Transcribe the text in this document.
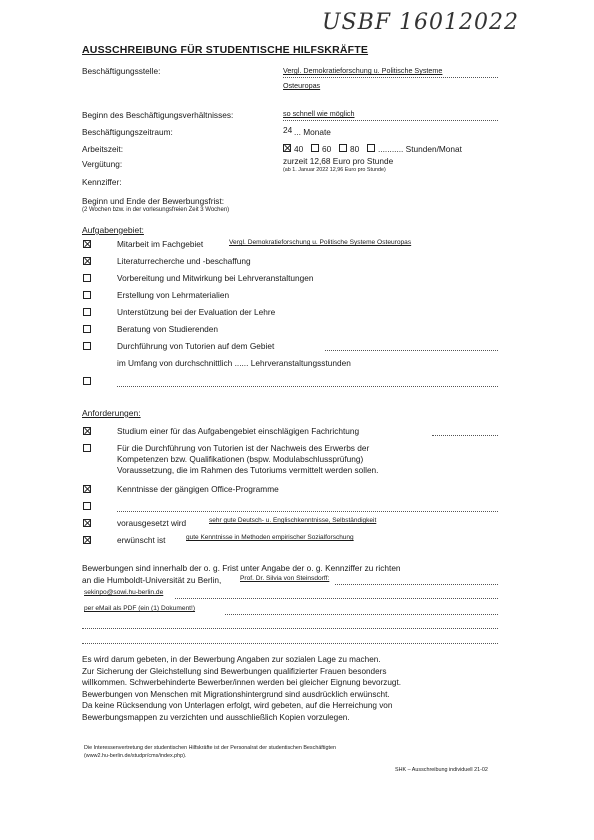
USBF 16012022
AUSSCHREIBUNG FÜR STUDENTISCHE HILFSKRÄFTE
Beschäftigungsstelle:	Vergl. Demokratieforschung u. Politische Systeme
Osteuropas
Beginn des Beschäftigungsverhältnisses:	so schnell wie möglich
Beschäftigungszeitraum:	24 ... Monate
Arbeitszeit:	40 60 80 ........... Stunden/Monat
Vergütung:	zurzeit 12,68 Euro pro Stunde
(ab 1. Januar 2022 12,96 Euro pro Stunde)
Kennziffer:
Beginn und Ende der Bewerbungsfrist:
(2 Wochen bzw. in der vorlesungsfreien Zeit 3 Wochen)
Aufgabengebiet:
Mitarbeit im Fachgebiet	Vergl. Demokratieforschung u. Politische Systeme Osteuropas
Literaturrecherche und -beschaffung
Vorbereitung und Mitwirkung bei Lehrveranstaltungen
Erstellung von Lehrmaterialien
Unterstützung bei der Evaluation der Lehre
Beratung von Studierenden
Durchführung von Tutorien auf dem Gebiet
im Umfang von durchschnittlich ...... Lehrveranstaltungsstunden
Anforderungen:
Studium einer für das Aufgabengebiet einschlägigen Fachrichtung
Für die Durchführung von Tutorien ist der Nachweis des Erwerbs der
Kompetenzen bzw. Qualifikationen (bspw. Modulabschlussprüfung)
Voraussetzung, die im Rahmen des Tutoriums vermittelt werden sollen.
Kenntnisse der gängigen Office-Programme
vorausgesetzt wird	sehr gute Deutsch- u. Englischkenntnisse, Selbständigkeit
erwünscht ist	gute Kenntnisse in Methoden empirischer Sozialforschung
Bewerbungen sind innerhalb der o. g. Frist unter Angabe der o. g. Kennziffer zu richten
an die Humboldt-Universität zu Berlin,	Prof. Dr. Silvia von Steinsdorff:
sekinpo@sowi.hu-berlin.de
per eMail als PDF (ein (1) Dokument!)
Es wird darum gebeten, in der Bewerbung Angaben zur sozialen Lage zu machen.
Zur Sicherung der Gleichstellung sind Bewerbungen qualifizierter Frauen besonders
willkommen. Schwerbehinderte Bewerber/innen werden bei gleicher Eignung bevorzugt.
Bewerbungen von Menschen mit Migrationshintergrund sind ausdrücklich erwünscht.
Da keine Rücksendung von Unterlagen erfolgt, wird gebeten, auf die Herreichung von
Bewerbungsmappen zu verzichten und ausschließlich Kopien vorzulegen.
Die Interessenvertretung der studentischen Hilfskräfte ist der Personalrat der studentischen Beschäftigten
(www2.hu-berlin.de/studpr/cms/index.php).
SHK – Ausschreibung individuell 21-02
